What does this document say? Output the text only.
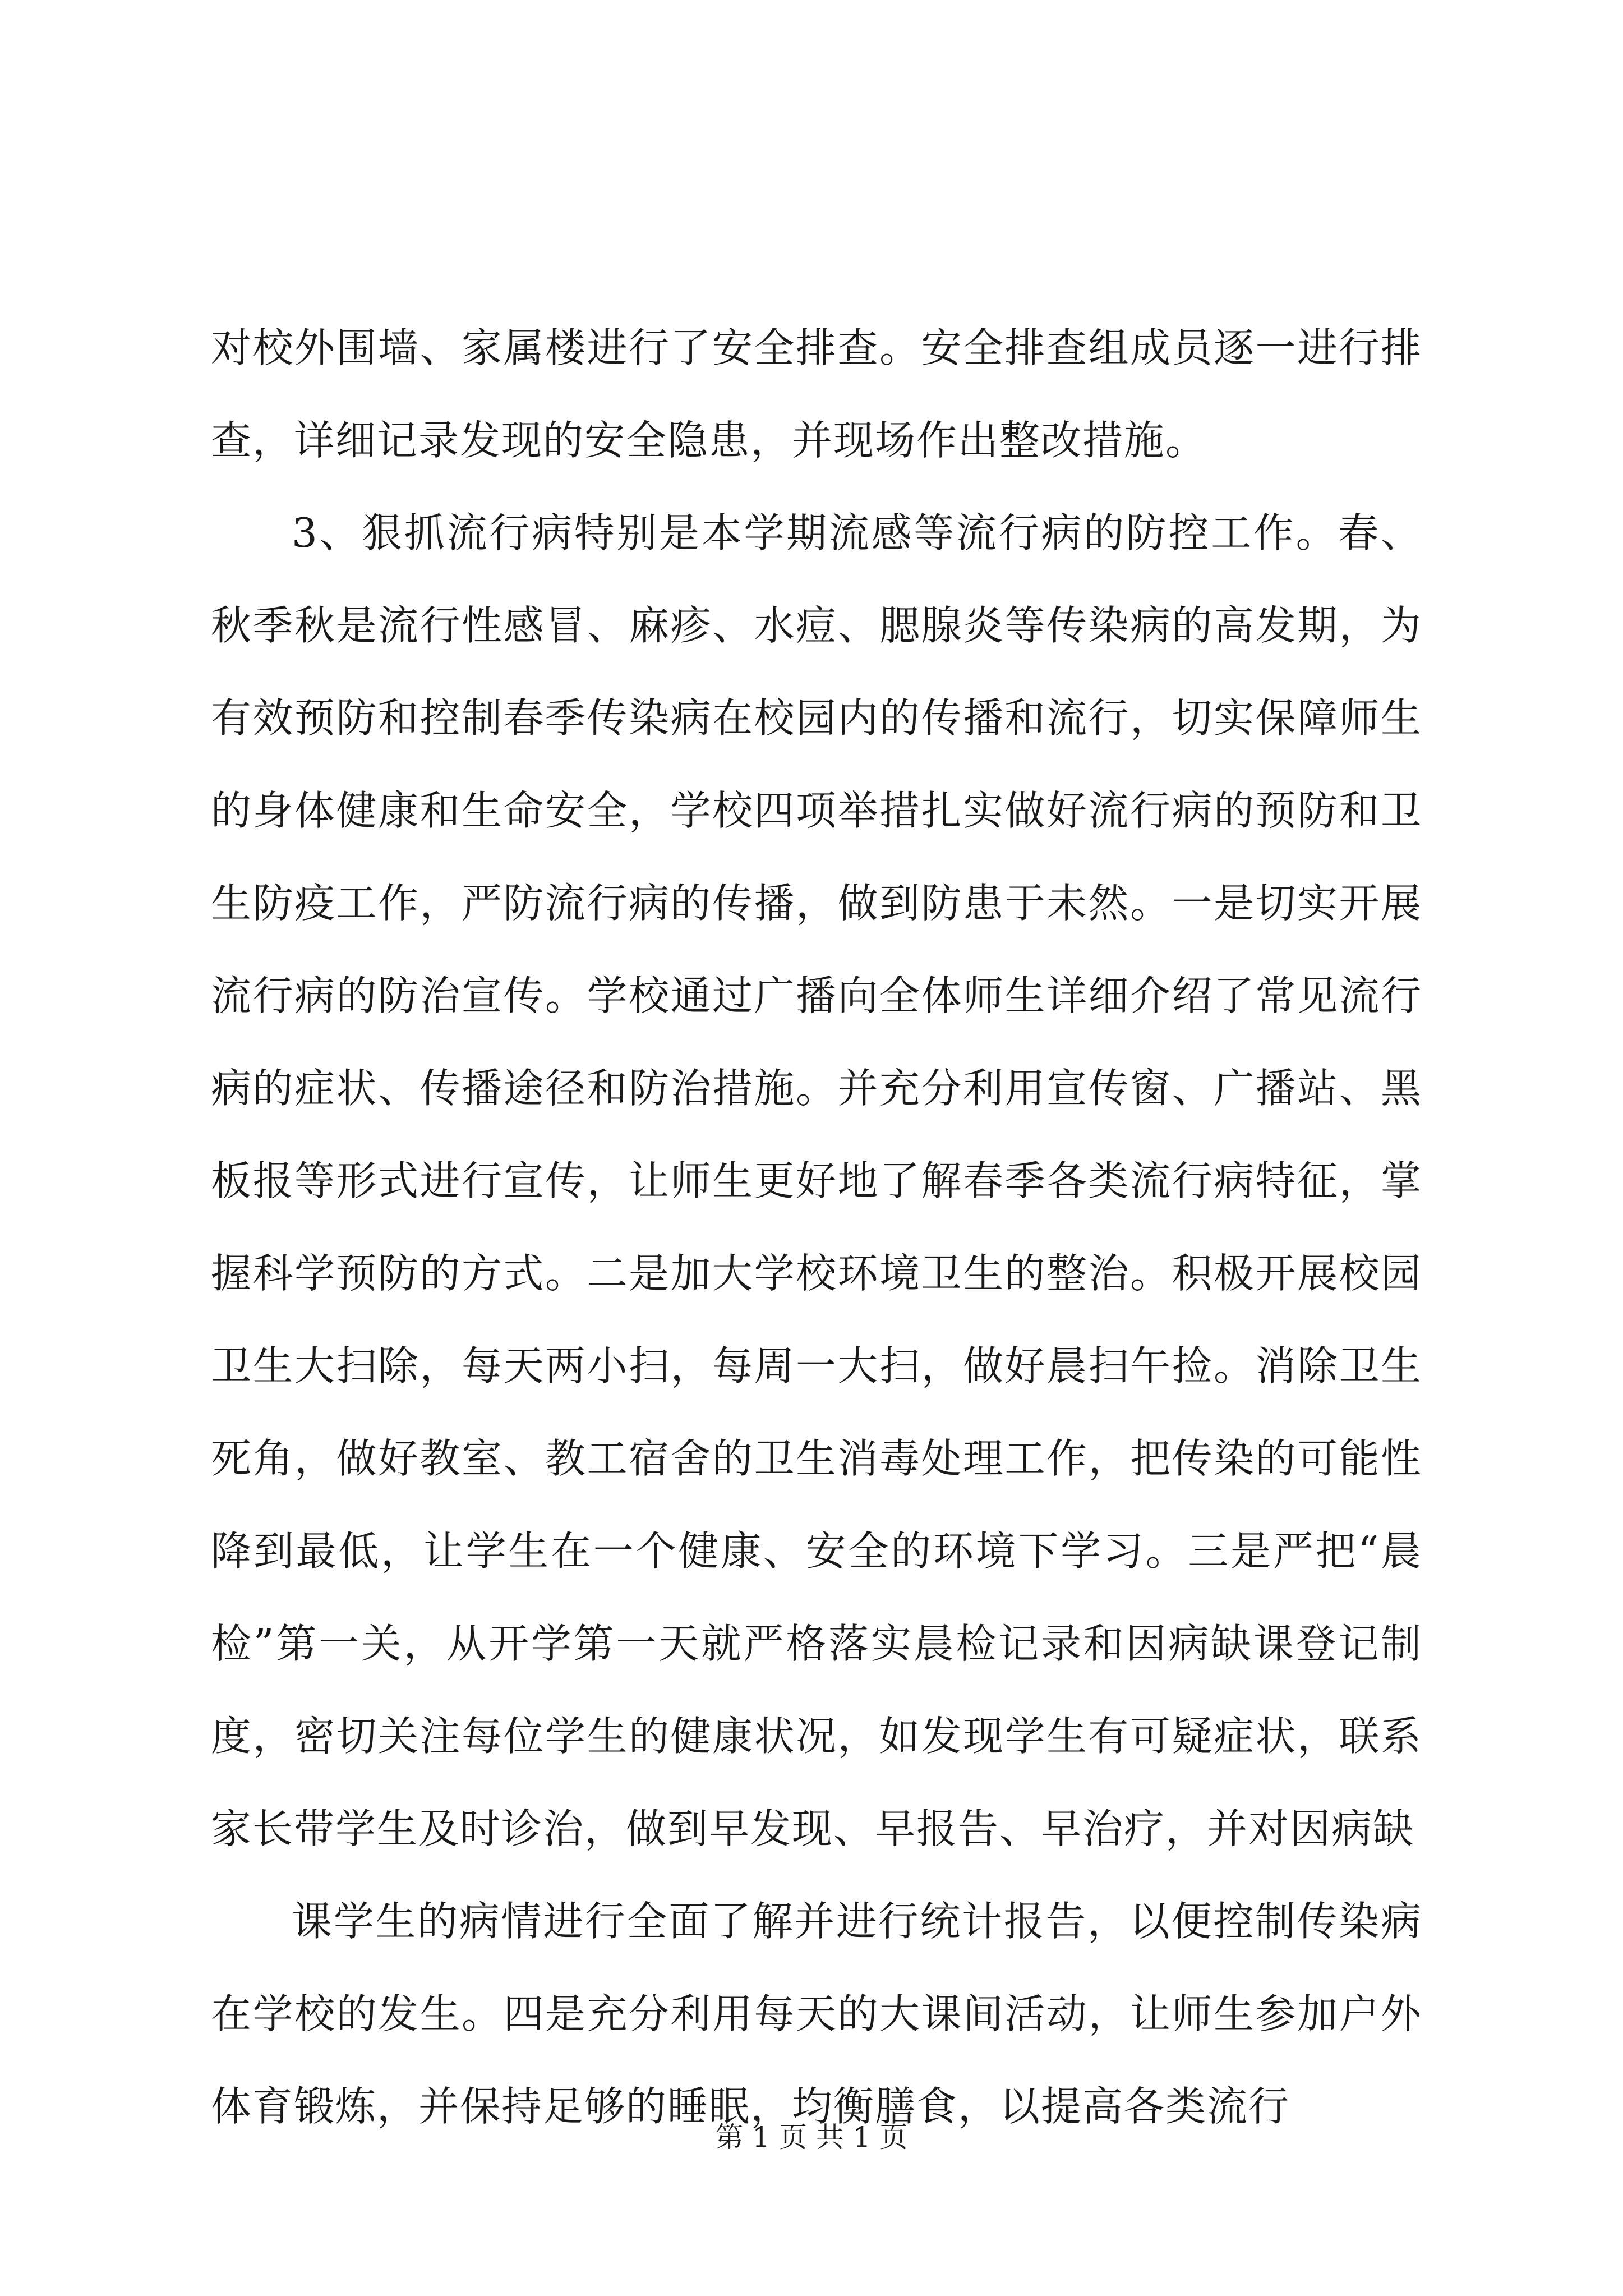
对校外围墙、家属楼进行了安全排查。安全排查组成员逐一进行排查，详细记录发现的安全隐患，并现场作出整改措施。

3、狠抓流行病特别是本学期流感等流行病的防控工作。春、秋季秋是流行性感冒、麻疹、水痘、腮腺炎等传染病的高发期，为有效预防和控制春季传染病在校园内的传播和流行，切实保障师生的身体健康和生命安全，学校四项举措扎实做好流行病的预防和卫生防疫工作，严防流行病的传播，做到防患于未然。一是切实开展流行病的防治宣传。学校通过广播向全体师生详细介绍了常见流行病的症状、传播途径和防治措施。并充分利用宣传窗、广播站、黑板报等形式进行宣传，让师生更好地了解春季各类流行病特征，掌握科学预防的方式。二是加大学校环境卫生的整治。积极开展校园卫生大扫除，每天两小扫，每周一大扫，做好晨扫午捡。消除卫生死角，做好教室、教工宿舍的卫生消毒处理工作，把传染的可能性降到最低，让学生在一个健康、安全的环境下学习。三是严把“晨检”第一关，从开学第一天就严格落实晨检记录和因病缺课登记制度，密切关注每位学生的健康状况，如发现学生有可疑症状，联系家长带学生及时诊治，做到早发现、早报告、早治疗，并对因病缺

课学生的病情进行全面了解并进行统计报告，以便控制传染病在学校的发生。四是充分利用每天的大课间活动，让师生参加户外体育锻炼，并保持足够的睡眠，均衡膳食，以提高各类流行

第 1 页 共 1 页
